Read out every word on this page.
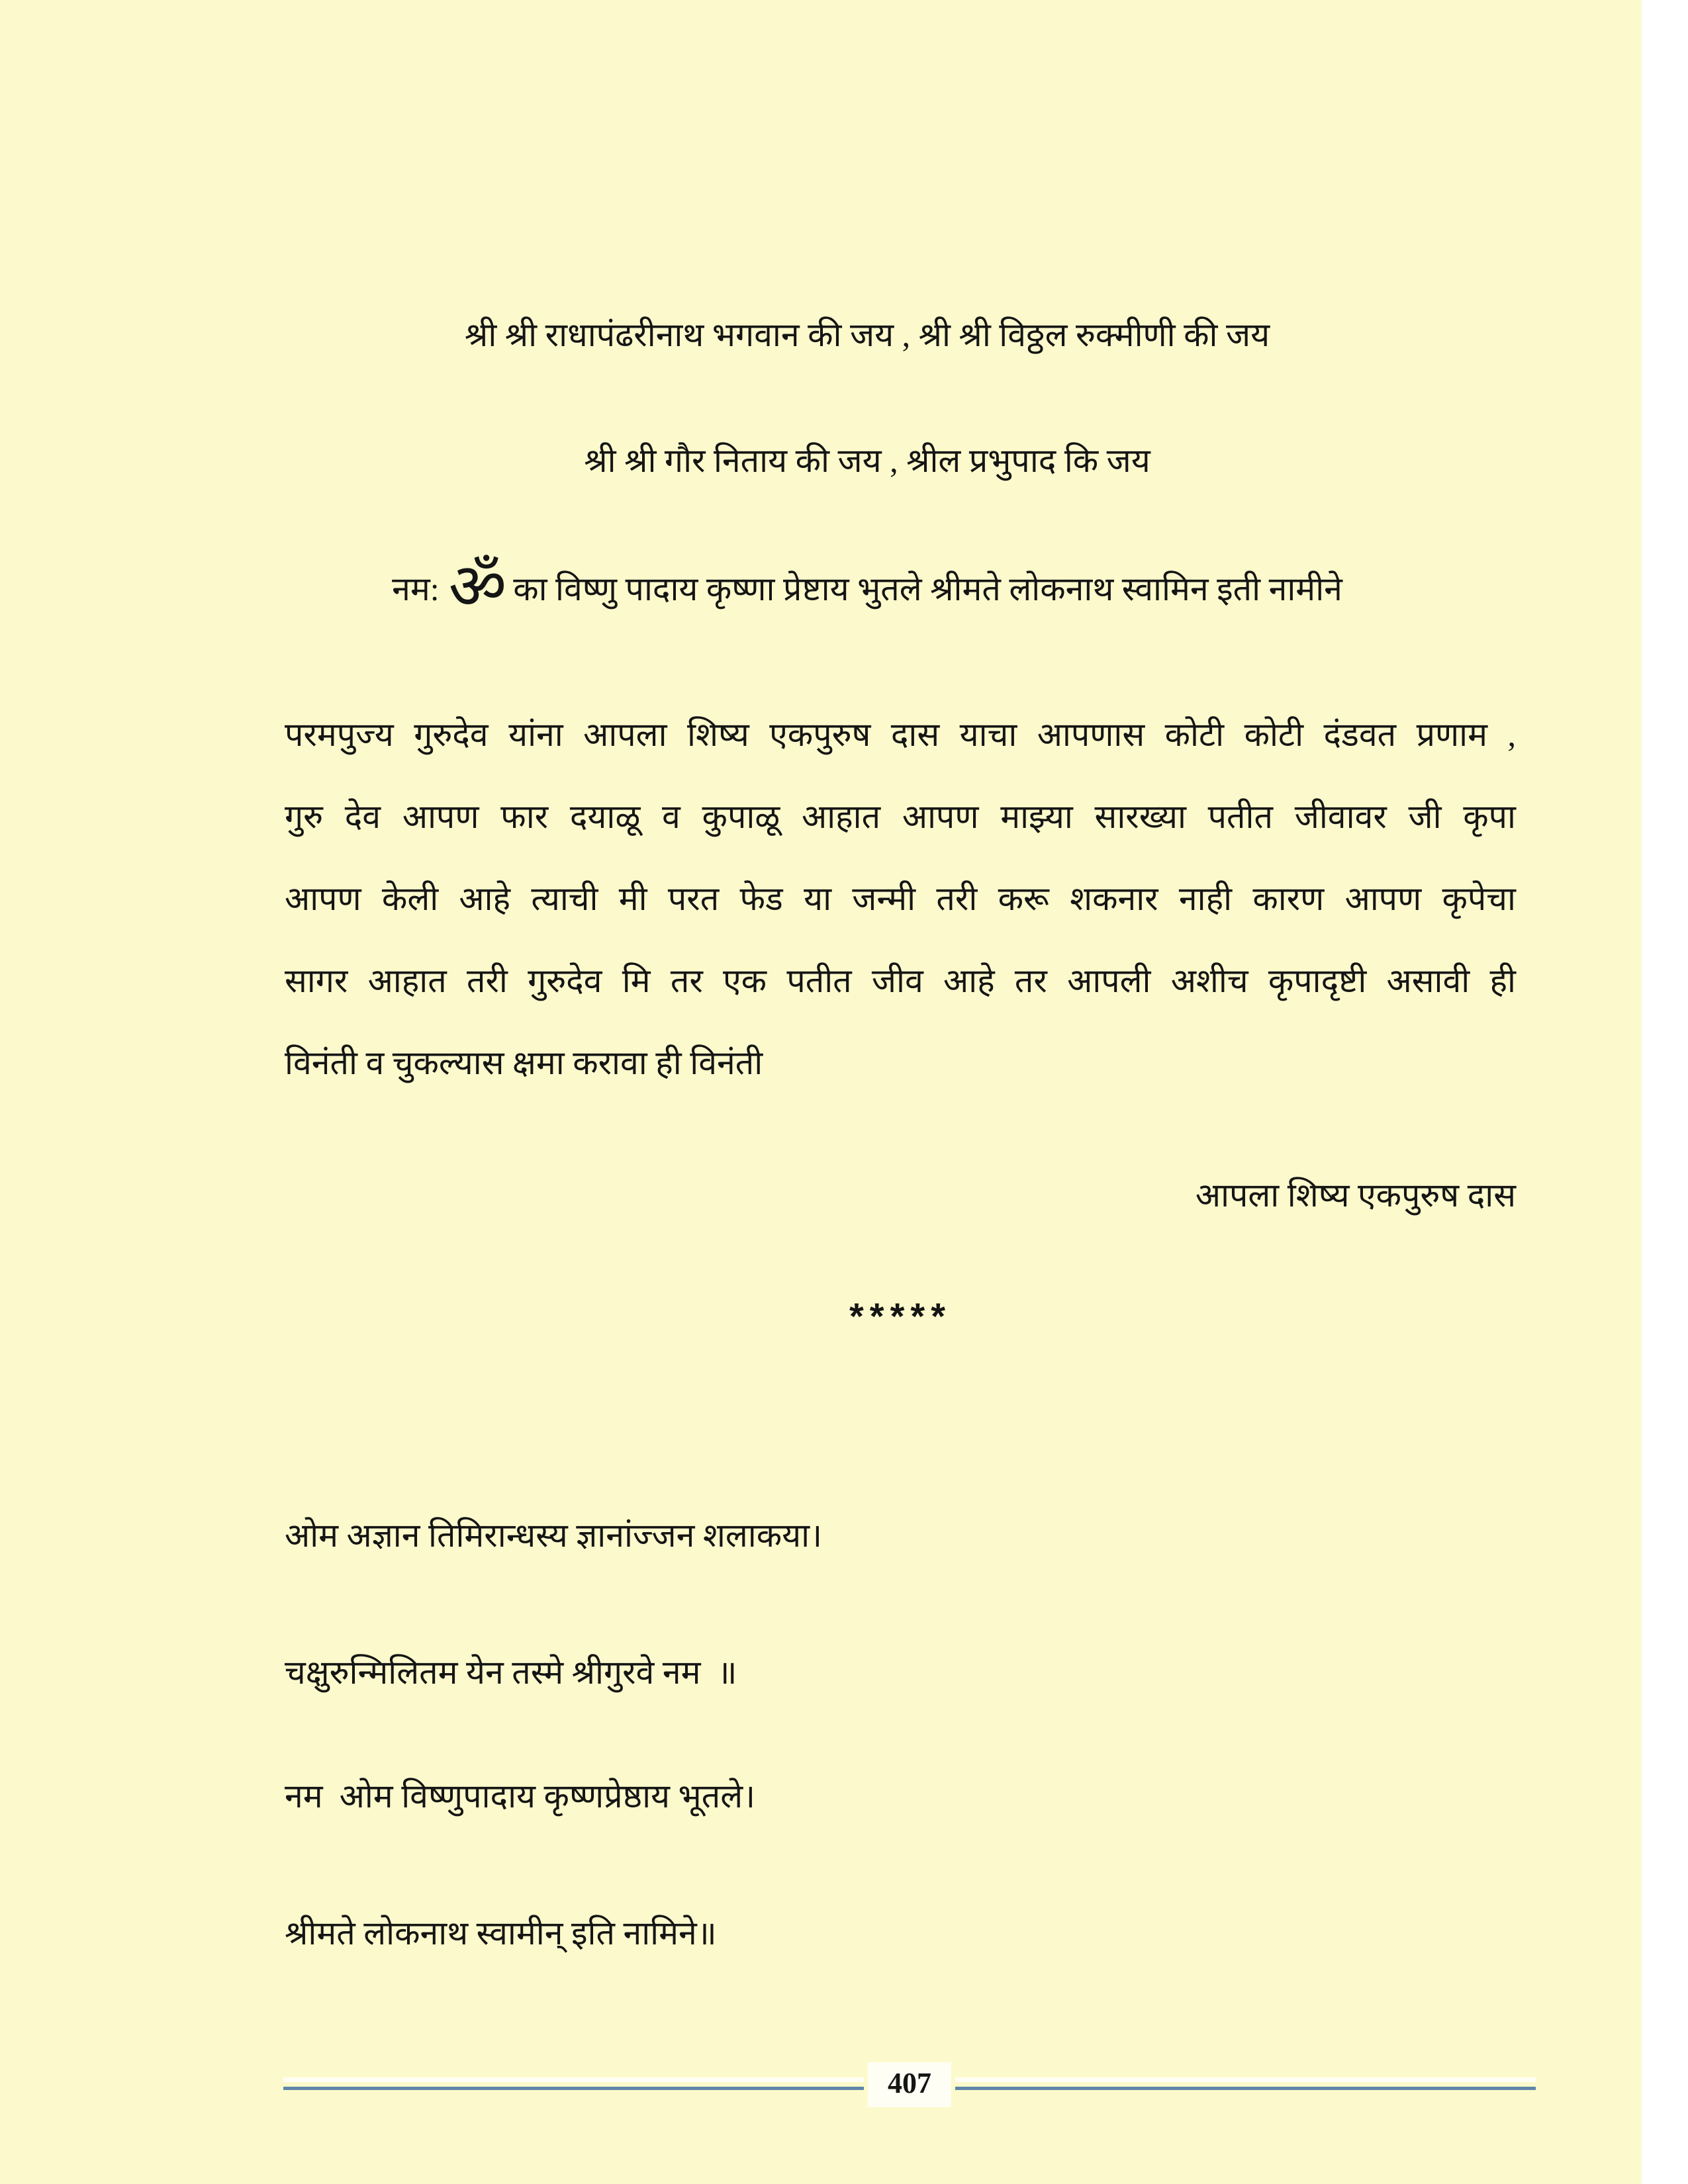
श्री श्री राधापंढरीनाथ भगवान की जय , श्री श्री विठ्ठल रुक्मीणी की जय
श्री श्री गौर निताय की जय , श्रील प्रभुपाद कि जय
नम: ॐ का विष्णु पादाय कृष्णा प्रेष्टाय भुतले श्रीमते लोकनाथ स्वामिन इती नामीने
परमपुज्य गुरुदेव यांना आपला शिष्य एकपुरुष दास याचा आपणास कोटी कोटी दंडवत प्रणाम ,
गुरु देव आपण फार दयाळू व कुपाळू आहात आपण माझ्या सारख्या पतीत जीवावर जी कृपा
आपण केली आहे त्याची मी परत फेड या जन्मी तरी करू शकनार नाही कारण आपण कृपेचा
सागर आहात तरी गुरुदेव मि तर एक पतीत जीव आहे तर आपली अशीच कृपादृष्टी असावी ही
विनंती व चुकल्यास क्षमा करावा ही विनंती
आपला शिष्य एकपुरुष दास
*****
ओम अज्ञान तिमिरान्धस्य ज्ञानांज्जन शलाकया।
चक्षुरुन्मिलितम येन तस्मे श्रीगुरवे नम  ॥
नम  ओम विष्णुपादाय कृष्णप्रेष्ठाय भूतले।
श्रीमते लोकनाथ स्वामीन् इति नामिने॥
407
